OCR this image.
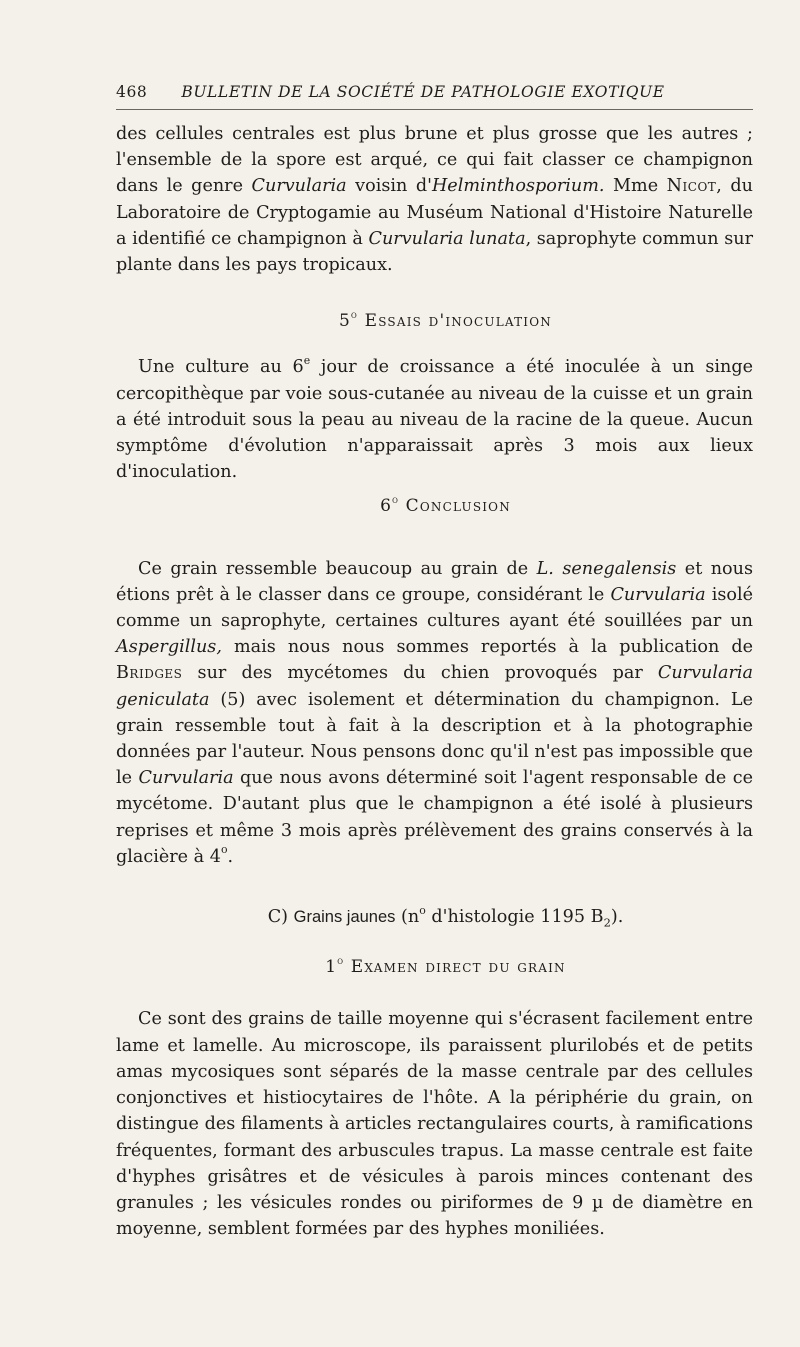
468 BULLETIN DE LA SOCIÉTÉ DE PATHOLOGIE EXOTIQUE

des cellules centrales est plus brune et plus grosse que les autres ; l'ensemble de la spore est arqué, ce qui fait classer ce champignon dans le genre Curvularia voisin d'Helminthosporium. Mme Nicot, du Laboratoire de Cryptogamie au Muséum National d'Histoire Naturelle a identifié ce champignon à Curvularia lunata, saprophyte commun sur plante dans les pays tropicaux.

5$^o$ Essais d'inoculation

Une culture au 6e jour de croissance a été inoculée à un singe cercopithèque par voie sous-cutanée au niveau de la cuisse et un grain a été introduit sous la peau au niveau de la racine de la queue. Aucun symptôme d'évolution n'apparaissait après 3 mois aux lieux d'inoculation.

6$^o$ Conclusion

Ce grain ressemble beaucoup au grain de L. senegalensis et nous étions prêt à le classer dans ce groupe, considérant le Curvularia isolé comme un saprophyte, certaines cultures ayant été souillées par un Aspergillus, mais nous nous sommes reportés à la publication de Bridges sur des mycétomes du chien provoqués par Curvularia geniculata (5) avec isolement et détermination du champignon. Le grain ressemble tout à fait à la description et à la photographie données par l'auteur. Nous pensons donc qu'il n'est pas impossible que le Curvularia que nous avons déterminé soit l'agent responsable de ce mycétome. D'autant plus que le champignon a été isolé à plusieurs reprises et même 3 mois après prélèvement des grains conservés à la glacière à 4$^o$.

C) Grains jaunes ($n^o$ d'histologie 1195 $B_2$).

1$^o$ Examen direct du grain

Ce sont des grains de taille moyenne qui s'écrasent facilement entre lame et lamelle. Au microscope, ils paraissent plurilobés et de petits amas mycosiques sont séparés de la masse centrale par des cellules conjonctives et histiocytaires de l'hôte. A la périphérie du grain, on distingue des filaments à articles rectangulaires courts, à ramifications fréquentes, formant des arbuscules trapus. La masse centrale est faite d'hyphes grisâtres et de vésicules à parois minces contenant des granules ; les vésicules rondes ou piriformes de 9 µ de diamètre en moyenne, semblent formées par des hyphes moniliées.
